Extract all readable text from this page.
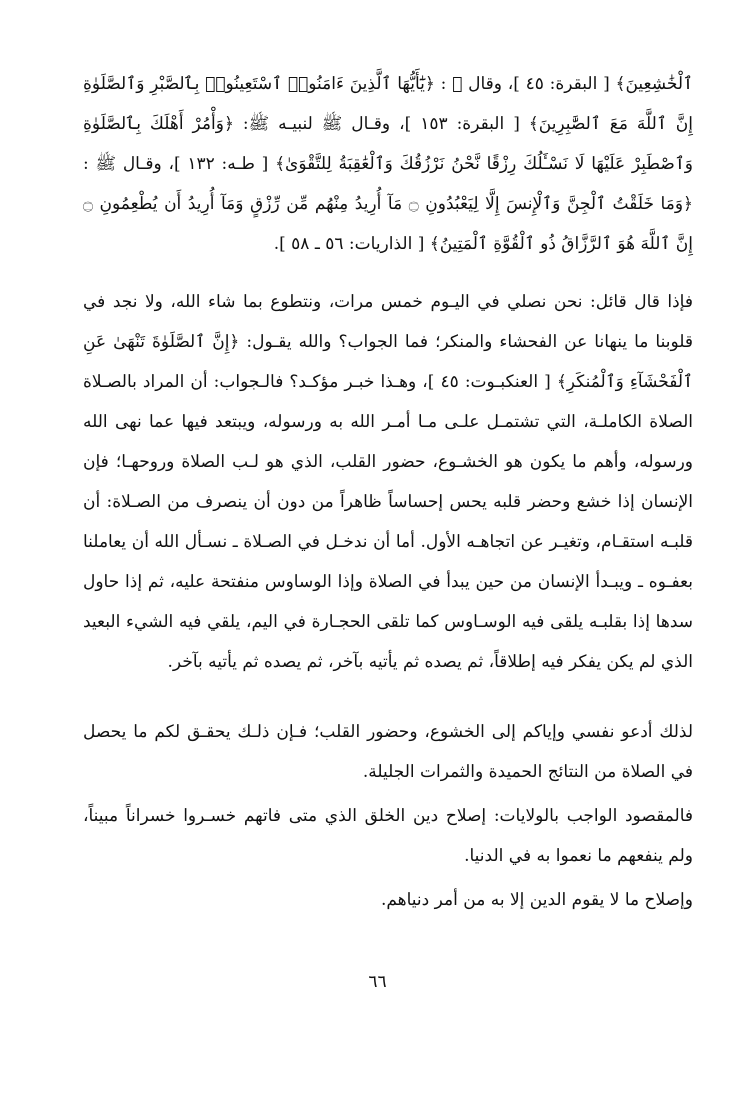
ٱلْخَٰشِعِينَ﴾ [ البقرة: ٤٥ ]، وقال ﷺ : ﴿يَٰٓأَيُّهَا ٱلَّذِينَ ءَامَنُوا۟ ٱسْتَعِينُوا۟ بِٱلصَّبْرِ وَٱلصَّلَوٰةِ إِنَّ ٱللَّهَ مَعَ ٱلصَّٰبِرِينَ﴾ [ البقرة: ١٥٣ ]، وقـال ﷺ لنبيـه ﷺ: ﴿وَأْمُرْ أَهْلَكَ بِٱلصَّلَوٰةِ وَٱصْطَبِرْ عَلَيْهَا لَا نَسْـَٔلُكَ رِزْقًا نَّحْنُ نَرْزُقُكَ وَٱلْعَٰقِبَةُ لِلتَّقْوَىٰ﴾ [ طـه: ١٣٢ ]، وقـال ﷺ : ﴿وَمَا خَلَقْتُ ٱلْجِنَّ وَٱلْإِنسَ إِلَّا لِيَعْبُدُونِ ۝ مَآ أُرِيدُ مِنْهُم مِّن رِّزْقٍ وَمَآ أُرِيدُ أَن يُطْعِمُونِ ۝ إِنَّ ٱللَّهَ هُوَ ٱلرَّزَّاقُ ذُو ٱلْقُوَّةِ ٱلْمَتِينُ﴾ [ الذاريات: ٥٦ ـ ٥٨ ].

فإذا قال قائل: نحن نصلي في اليـوم خمس مرات، ونتطوع بما شاء الله، ولا نجد في قلوبنا ما ينهانا عن الفحشاء والمنكر؛ فما الجواب؟ والله يقـول: ﴿إِنَّ ٱلصَّلَوٰةَ تَنْهَىٰ عَنِ ٱلْفَحْشَآءِ وَٱلْمُنكَرِ﴾ [ العنكبـوت: ٤٥ ]، وهـذا خبـر مؤكـد؟ فالـجواب: أن المراد بالصـلاة الصلاة الكاملـة، التي تشتمـل علـى مـا أمـر الله به ورسوله، ويبتعد فيها عما نهى الله ورسوله، وأهم ما يكون هو الخشـوع، حضور القلب، الذي هو لـب الصلاة وروحهـا؛ فإن الإنسان إذا خشع وحضر قلبه يحس إحساساً ظاهراً من دون أن ينصرف من الصـلاة: أن قلبـه استقـام، وتغيـر عن اتجاهـه الأول. أما أن ندخـل في الصـلاة ـ نسـأل الله أن يعاملنا بعفـوه ـ ويبـدأ الإنسان من حين يبدأ في الصلاة وإذا الوساوس منفتحة عليه، ثم إذا حاول سدها إذا بقلبـه يلقى فيه الوسـاوس كما تلقى الحجـارة في اليم، يلقي فيه الشيء البعيد الذي لم يكن يفكر فيه إطلاقاً، ثم يصده ثم يأتيه بآخر، ثم يصده ثم يأتيه بآخر.

لذلك أدعو نفسي وإياكم إلى الخشوع، وحضور القلب؛ فـإن ذلـك يحقـق لكم ما يحصل في الصلاة من النتائج الحميدة والثمرات الجليلة.

فالمقصود الواجب بالولايات: إصلاح دين الخلق الذي متى فاتهم خسـروا خسراناً مبيناً، ولم ينفعهم ما نعموا به في الدنيا.

وإصلاح ما لا يقوم الدين إلا به من أمر دنياهم.

٦٦
